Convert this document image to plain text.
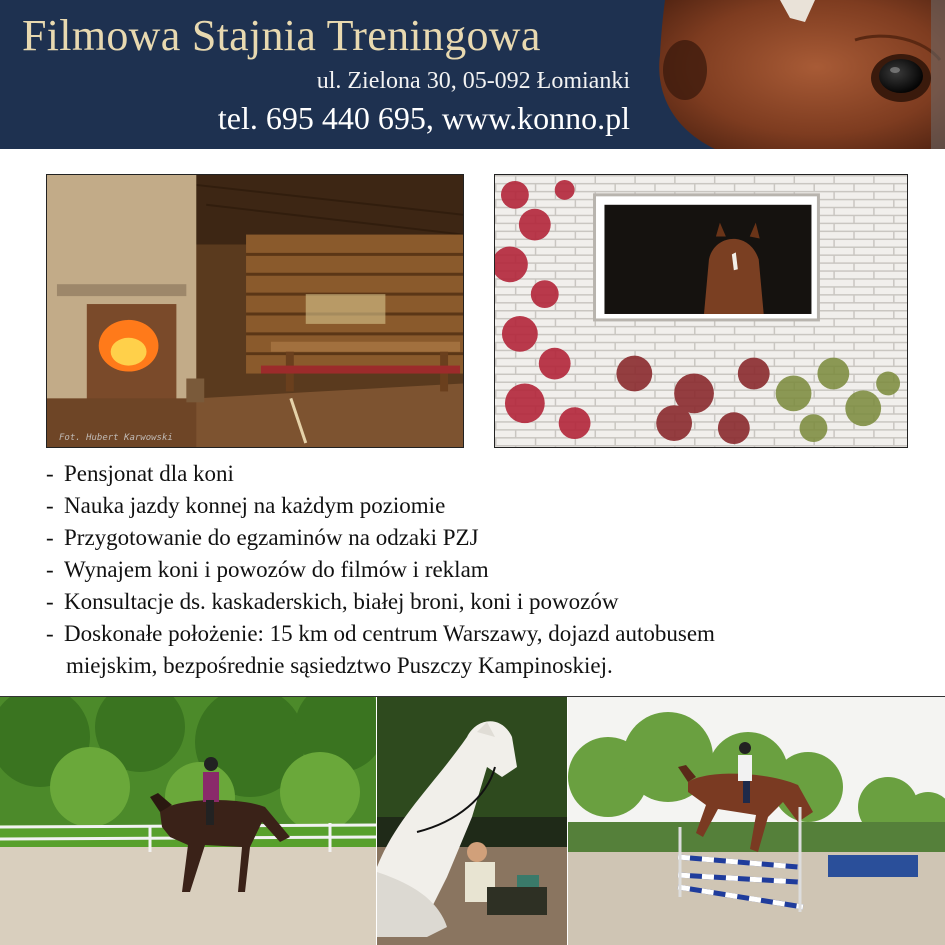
Filmowa Stajnia Treningowa
ul. Zielona 30, 05-092 Łomianki
tel. 695 440 695, www.konno.pl
Fot. Hubert Karwowski
- Pensjonat dla koni
- Nauka jazdy konnej na każdym poziomie
- Przygotowanie do egzaminów na odzaki PZJ
- Wynajem koni i powozów do filmów i reklam
- Konsultacje ds. kaskaderskich, białej broni, koni i powozów
- Doskonałe położenie: 15 km od centrum Warszawy, dojazd autobusem
miejskim, bezpośrednie sąsiedztwo Puszczy Kampinoskiej.
